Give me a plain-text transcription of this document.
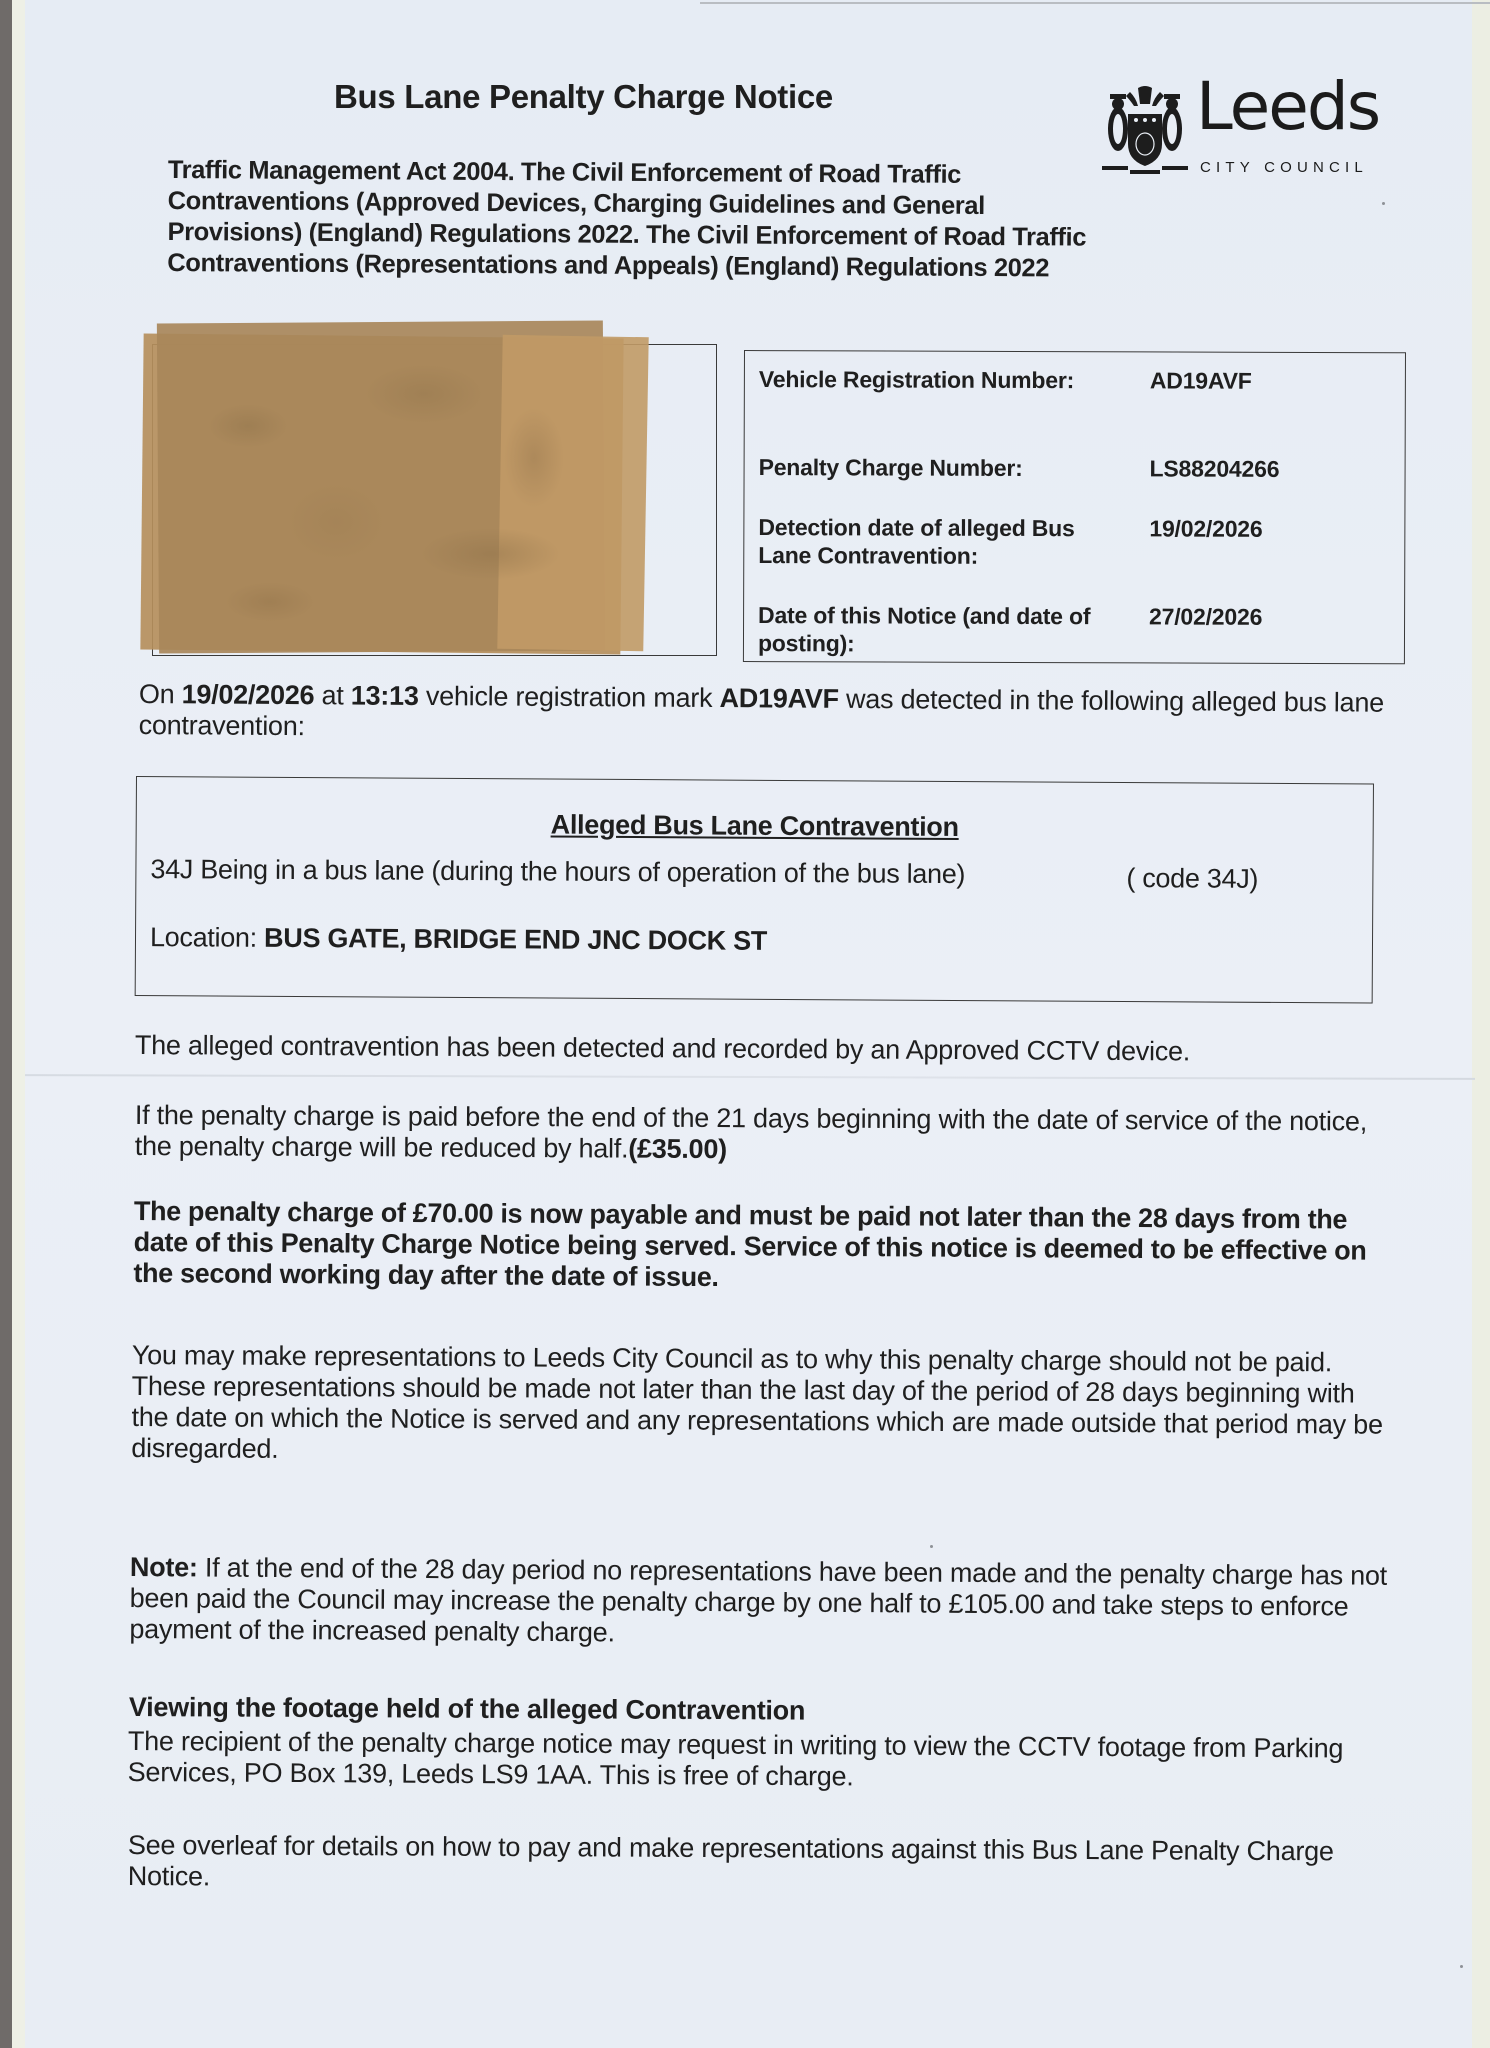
Bus Lane Penalty Charge Notice
Traffic Management Act 2004. The Civil Enforcement of Road Traffic Contraventions (Approved Devices, Charging Guidelines and General Provisions) (England) Regulations 2022. The Civil Enforcement of Road Traffic Contraventions (Representations and Appeals) (England) Regulations 2022
Leeds
CITY COUNCIL
Vehicle Registration Number:	AD19AVF
Penalty Charge Number:	LS88204266
Detection date of alleged Bus Lane Contravention:
19/02/2026
Date of this Notice (and date of posting):
27/02/2026
On 19/02/2026 at 13:13 vehicle registration mark AD19AVF was detected in the following alleged bus lane contravention:
Alleged Bus Lane Contravention
34J Being in a bus lane (during the hours of operation of the bus lane)	( code 34J)
Location: BUS GATE, BRIDGE END JNC DOCK ST
The alleged contravention has been detected and recorded by an Approved CCTV device.
If the penalty charge is paid before the end of the 21 days beginning with the date of service of the notice, the penalty charge will be reduced by half.(£35.00)
The penalty charge of £70.00 is now payable and must be paid not later than the 28 days from the date of this Penalty Charge Notice being served. Service of this notice is deemed to be effective on the second working day after the date of issue.
You may make representations to Leeds City Council as to why this penalty charge should not be paid. These representations should be made not later than the last day of the period of 28 days beginning with the date on which the Notice is served and any representations which are made outside that period may be disregarded.
Note: If at the end of the 28 day period no representations have been made and the penalty charge has not been paid the Council may increase the penalty charge by one half to £105.00 and take steps to enforce payment of the increased penalty charge.
Viewing the footage held of the alleged Contravention
The recipient of the penalty charge notice may request in writing to view the CCTV footage from Parking Services, PO Box 139, Leeds LS9 1AA. This is free of charge.
See overleaf for details on how to pay and make representations against this Bus Lane Penalty Charge Notice.
